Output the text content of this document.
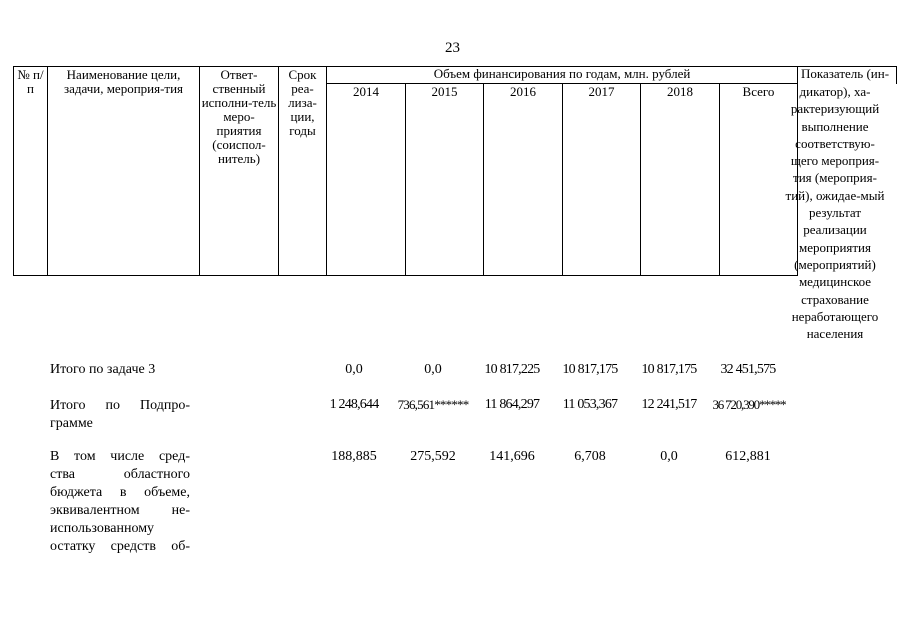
23
№ п/п	Наименование цели, задачи, мероприя-тия	Ответ-ственный исполни-тель меро-приятия (соиспол-нитель)	Срок реа-лиза-ции, годы	Объем финансирования по годам, млн. рублей						Показатель (ин-
				2014	2015	2016	2017	2018	Всего		дикатор), ха-рактеризующий выполнение соответствую-щего мероприя-тия (мероприя-тий), ожидае-мый результат реализации мероприятия (мероприятий) медицинское страхование неработающего населения
Итого по задаче 3	0,0	0,0	10 817,225	10 817,175	10 817,175	32 451,575
Итого по Подпро-
грамме
1 248,644	736,561******	11 864,297	11 053,367	12 241,517	36 720,390*****
В том числе сред-
ства областного
бюджета в объеме,
эквивалентном не-
использованному
остатку средств об-
188,885	275,592	141,696	6,708	0,0	612,881
